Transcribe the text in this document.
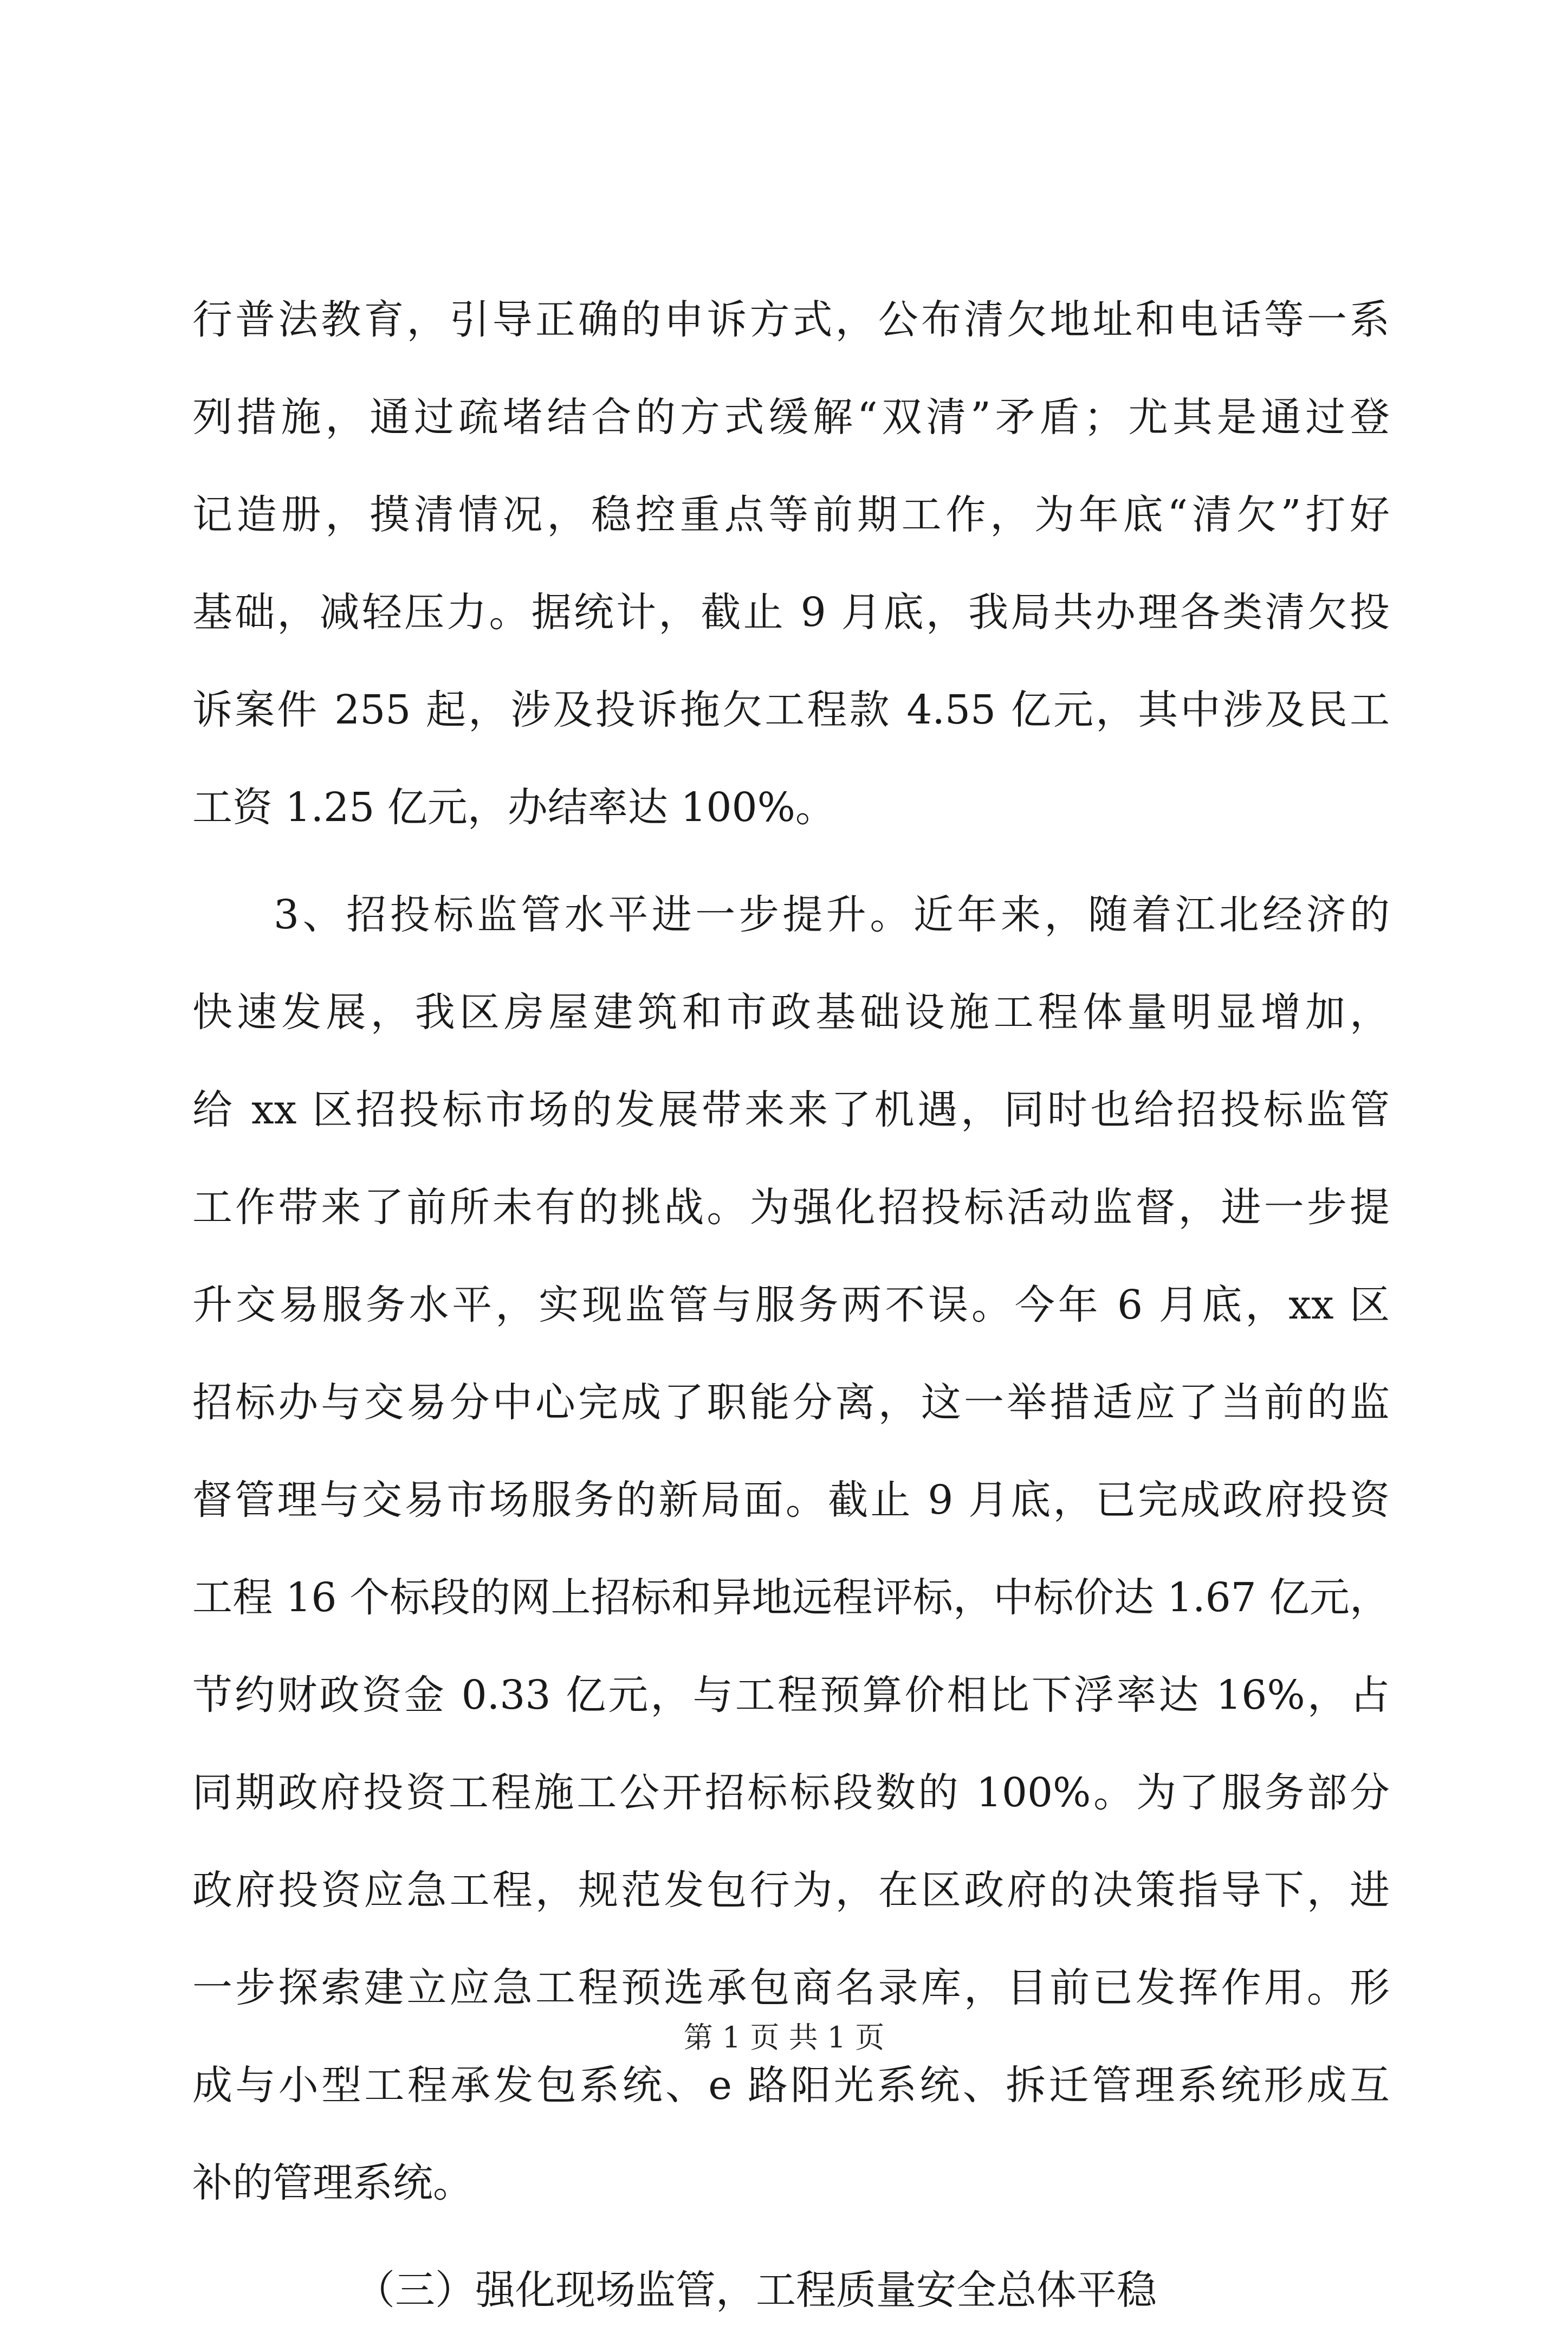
行普法教育，引导正确的申诉方式，公布清欠地址和电话等一系
列措施，通过疏堵结合的方式缓解“双清”矛盾；尤其是通过登
记造册，摸清情况，稳控重点等前期工作，为年底“清欠”打好
基础，减轻压力。据统计，截止 9 月底，我局共办理各类清欠投
诉案件 255 起，涉及投诉拖欠工程款 4.55 亿元，其中涉及民工
工资 1.25 亿元，办结率达 100%。
3、招投标监管水平进一步提升。近年来，随着江北经济的
快速发展，我区房屋建筑和市政基础设施工程体量明显增加，
给 xx 区招投标市场的发展带来来了机遇，同时也给招投标监管
工作带来了前所未有的挑战。为强化招投标活动监督，进一步提
升交易服务水平，实现监管与服务两不误。今年 6 月底，xx 区
招标办与交易分中心完成了职能分离，这一举措适应了当前的监
督管理与交易市场服务的新局面。截止 9 月底，已完成政府投资
工程 16 个标段的网上招标和异地远程评标，中标价达 1.67 亿元，
节约财政资金 0.33 亿元，与工程预算价相比下浮率达 16%，占
同期政府投资工程施工公开招标标段数的 100%。为了服务部分
政府投资应急工程，规范发包行为，在区政府的决策指导下，进
一步探索建立应急工程预选承包商名录库，目前已发挥作用。形
成与小型工程承发包系统、e 路阳光系统、拆迁管理系统形成互
补的管理系统。
（三）强化现场监管，工程质量安全总体平稳
第 1 页 共 1 页
